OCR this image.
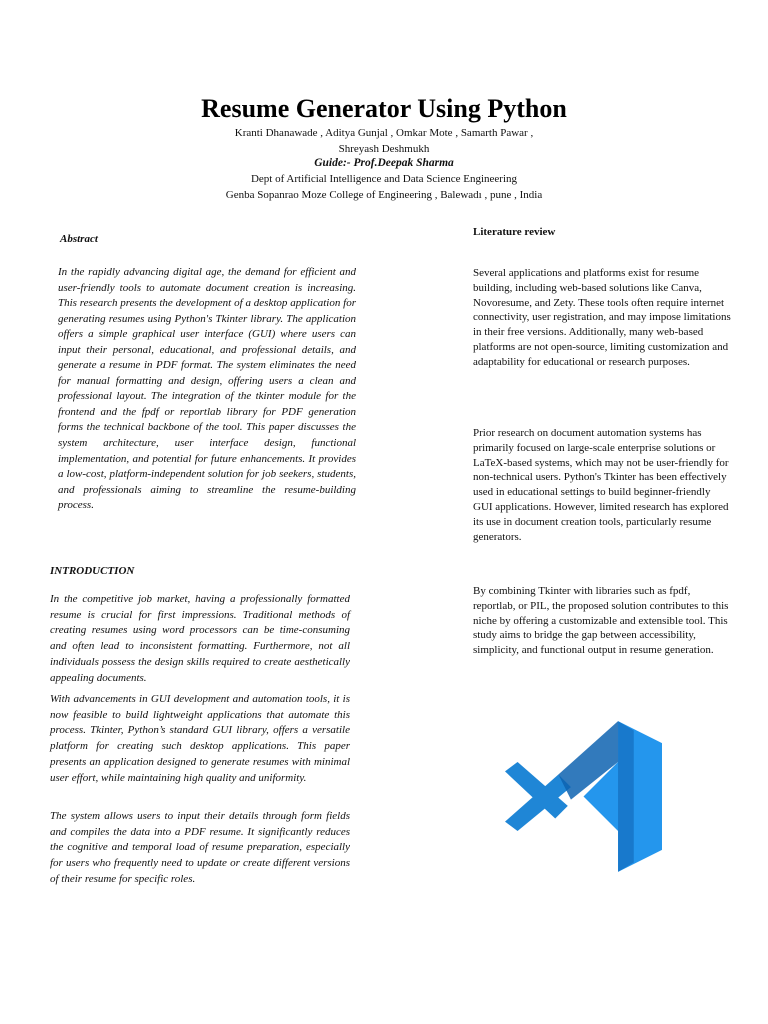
Resume Generator Using Python

Kranti Dhanawade , Aditya Gunjal , Omkar Mote , Samarth Pawar ,
Shreyash Deshmukh

Guide:- Prof.Deepak Sharma

Dept of Artificial Intelligence and Data Science Engineering
Genba Sopanrao Moze College of Engineering , Balewadı , pune , India

Abstract

In the rapidly advancing digital age, the demand for efficient and user-friendly tools to automate document creation is increasing. This research presents the development of a desktop application for generating resumes using Python's Tkinter library. The application offers a simple graphical user interface (GUI) where users can input their personal, educational, and professional details, and generate a resume in PDF format. The system eliminates the need for manual formatting and design, offering users a clean and professional layout. The integration of the tkinter module for the frontend and the fpdf or reportlab library for PDF generation forms the technical backbone of the tool. This paper discusses the system architecture, user interface design, functional implementation, and potential for future enhancements. It provides a low-cost, platform-independent solution for job seekers, students, and professionals aiming to streamline the resume-building process.

INTRODUCTION

In the competitive job market, having a professionally formatted resume is crucial for first impressions. Traditional methods of creating resumes using word processors can be time-consuming and often lead to inconsistent formatting. Furthermore, not all individuals possess the design skills required to create aesthetically appealing documents.

With advancements in GUI development and automation tools, it is now feasible to build lightweight applications that automate this process. Tkinter, Python’s standard GUI library, offers a versatile platform for creating such desktop applications. This paper presents an application designed to generate resumes with minimal user effort, while maintaining high quality and uniformity.

The system allows users to input their details through form fields and compiles the data into a PDF resume. It significantly reduces the cognitive and temporal load of resume preparation, especially for users who frequently need to update or create different versions of their resume for specific roles.

Literature review

Several applications and platforms exist for resume building, including web-based solutions like Canva, Novoresume, and Zety. These tools often require internet connectivity, user registration, and may impose limitations in their free versions. Additionally, many web-based platforms are not open-source, limiting customization and adaptability for educational or research purposes.

Prior research on document automation systems has primarily focused on large-scale enterprise solutions or LaTeX-based systems, which may not be user-friendly for non-technical users. Python's Tkinter has been effectively used in educational settings to build beginner-friendly GUI applications. However, limited research has explored its use in document creation tools, particularly resume generators.

By combining Tkinter with libraries such as fpdf, reportlab, or PIL, the proposed solution contributes to this niche by offering a customizable and extensible tool. This study aims to bridge the gap between accessibility, simplicity, and functional output in resume generation.
